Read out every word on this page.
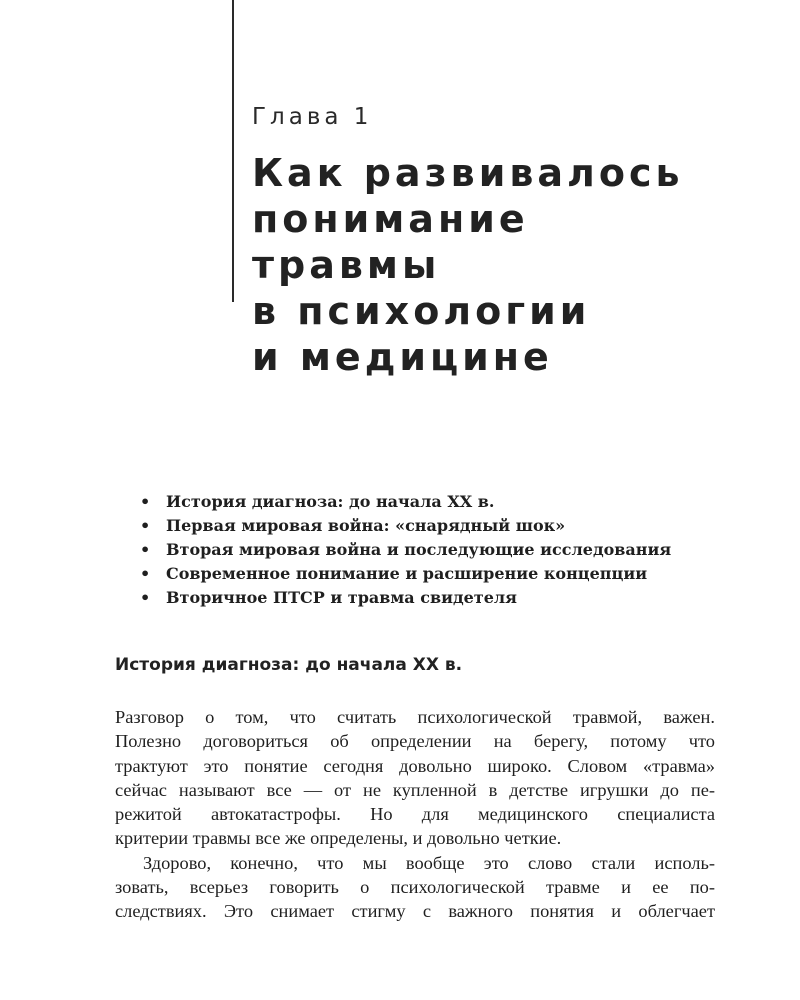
Глава 1
Как развивалось
понимание
травмы
в психологии
и медицине
• История диагноза: до начала XX в.
• Первая мировая война: «снарядный шок»
• Вторая мировая война и последующие исследования
• Современное понимание и расширение концепции
• Вторичное ПТСР и травма свидетеля
История диагноза: до начала XX в.

Разговор о том, что считать психологической травмой, важен.
Полезно договориться об определении на берегу, потому что
трактуют это понятие сегодня довольно широко. Словом «травма»
сейчас называют все — от не купленной в детстве игрушки до пе-
режитой автокатастрофы. Но для медицинского специалиста
критерии травмы все же определены, и довольно четкие.

Здорово, конечно, что мы вообще это слово стали исполь-
зовать, всерьез говорить о психологической травме и ее по-
следствиях. Это снимает стигму с важного понятия и облегчает
